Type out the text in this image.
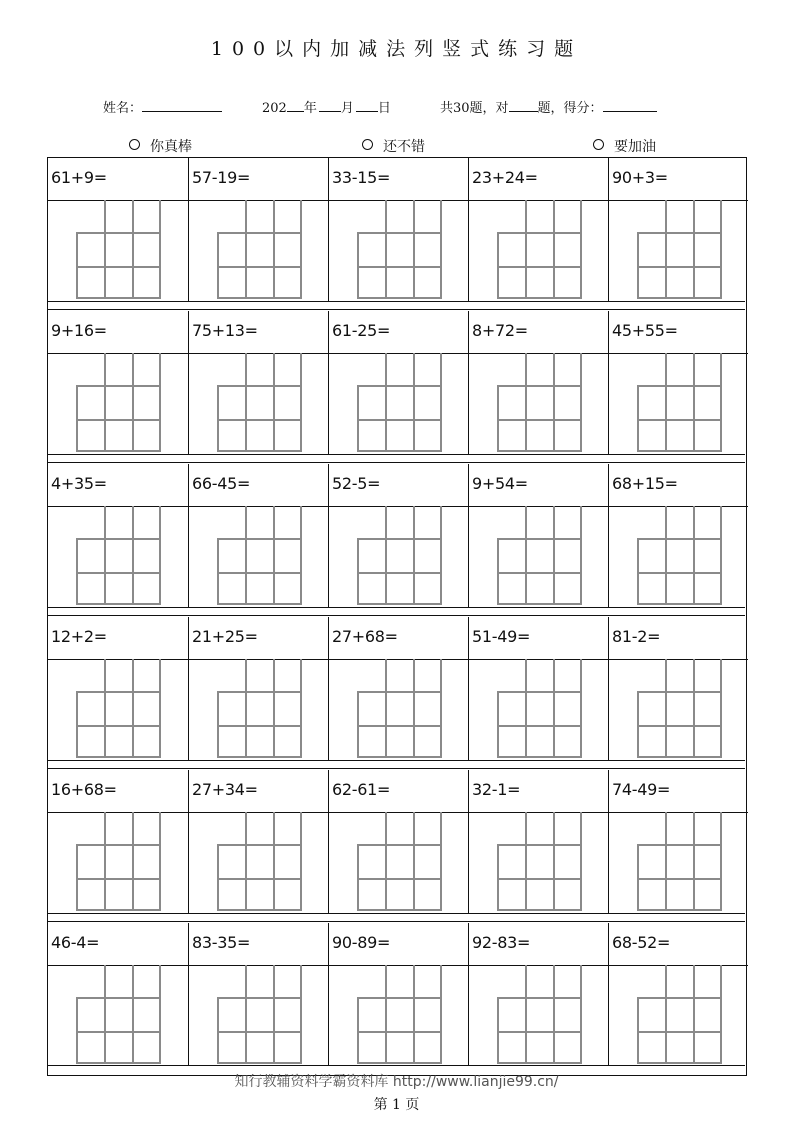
100以内加减法列竖式练习题
姓名：	202 年 月 日	共30题，对 题，得分：
你真棒	还不错	要加油
61+9=	57-19=	33-15=	23+24=	90+3=
9+16=	75+13=	61-25=	8+72=	45+55=
4+35=	66-45=	52-5=	9+54=	68+15=
12+2=	21+25=	27+68=	51-49=	81-2=
16+68=	27+34=	62-61=	32-1=	74-49=
46-4=	83-35=	90-89=	92-83=	68-52=
知行教辅资料学霸资料库 http://www.lianjie99.cn/
第 1 页
